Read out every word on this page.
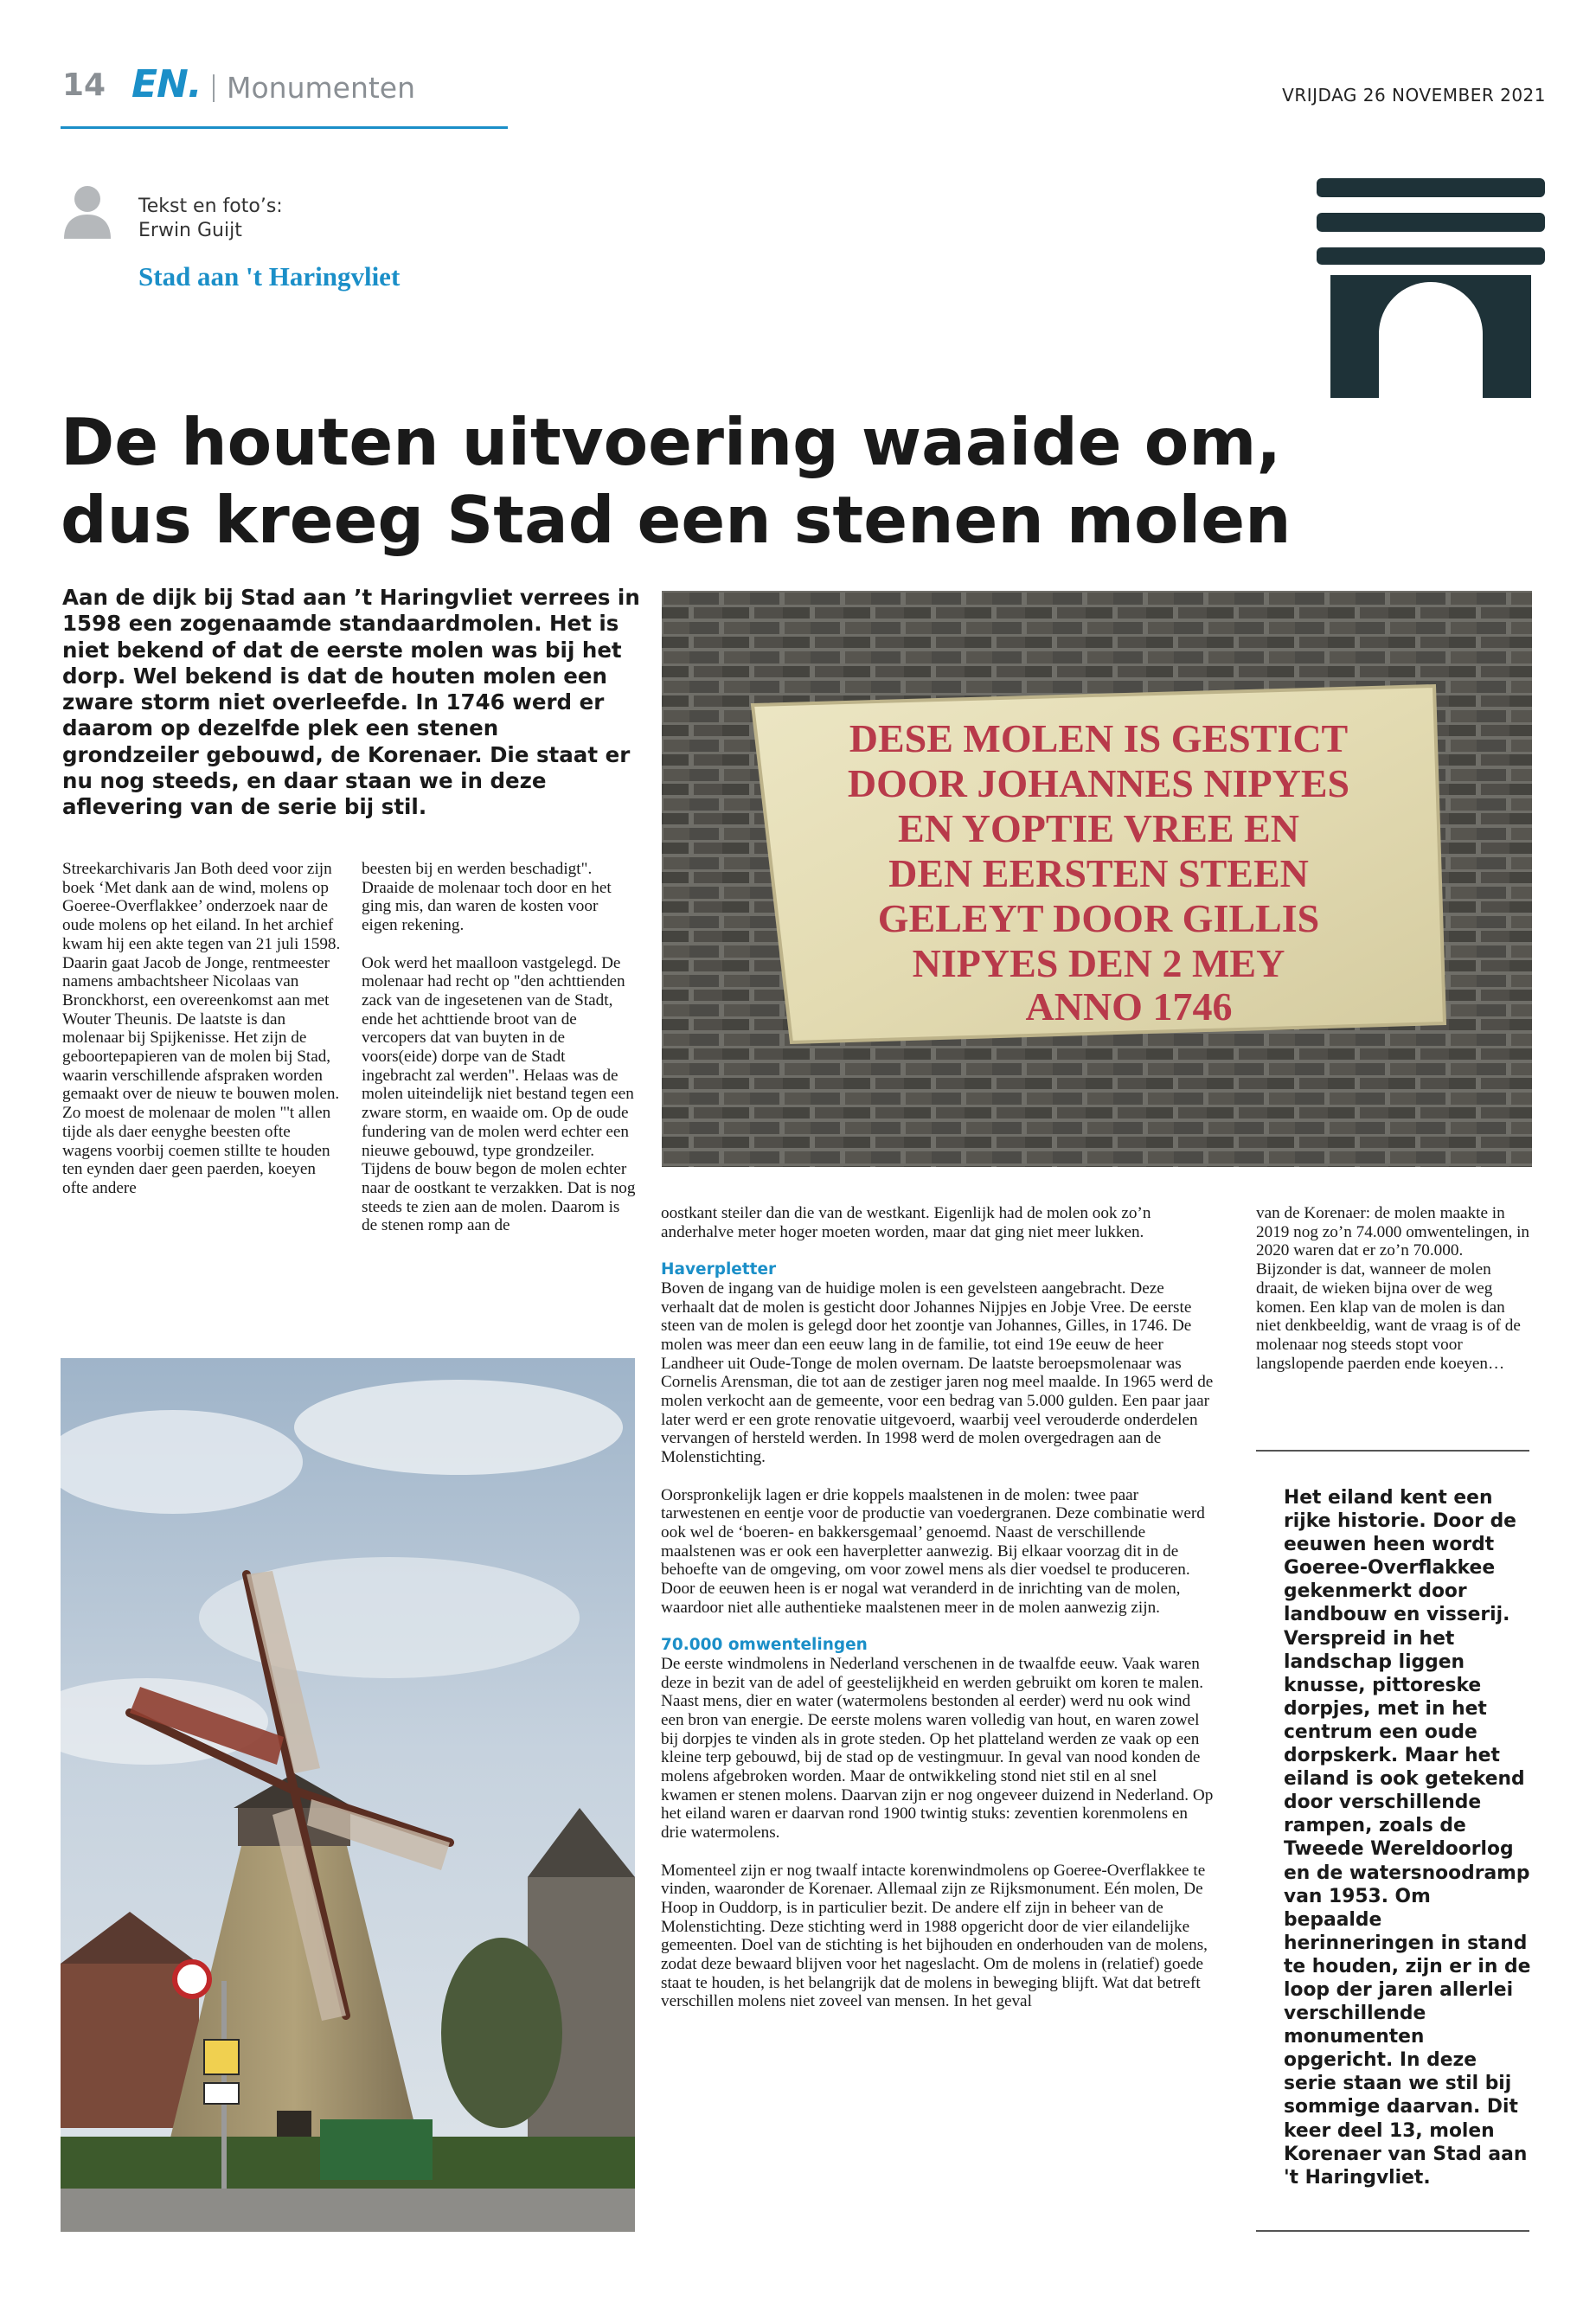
14 EN. Monumenten	VRIJDAG 26 NOVEMBER 2021
Tekst en foto’s:
Erwin Guijt
Stad aan 't Haringvliet
De houten uitvoering waaide om,
dus kreeg Stad een stenen molen
Aan de dijk bij Stad aan ’t Haringvliet verrees in 1598 een zogenaamde standaardmolen. Het is niet bekend of dat de eerste molen was bij het dorp. Wel bekend is dat de houten molen een zware storm niet overleefde. In 1746 werd er daarom op dezelfde plek een stenen grondzeiler gebouwd, de Korenaer. Die staat er nu nog steeds, en daar staan we in deze aflevering van de serie bij stil.
DESE MOLEN IS GESTICT
DOOR JOHANNES NIPYES
EN YOPTIE VREE EN
DEN EERSTEN STEEN
GELEYT DOOR GILLIS
NIPYES DEN 2 MEY
ANNO 1746

Streekarchivaris Jan Both deed voor zijn boek ‘Met dank aan de wind, molens op Goeree-Overflakkee’ onderzoek naar de oude molens op het eiland. In het archief kwam hij een akte tegen van 21 juli 1598. Daarin gaat Jacob de Jonge, rentmeester namens ambachtsheer Nicolaas van Bronckhorst, een overeenkomst aan met Wouter Theunis. De laatste is dan molenaar bij Spijkenisse. Het zijn de geboortepapieren van de molen bij Stad, waarin verschillende afspraken worden gemaakt over de nieuw te bouwen molen. Zo moest de molenaar de molen "'t allen tijde als daer eenyghe beesten ofte wagens voorbij coemen stillte te houden ten eynden daer geen paerden, koeyen ofte andere

beesten bij en werden beschadigt". Draaide de molenaar toch door en het ging mis, dan waren de kosten voor eigen rekening.

Ook werd het maalloon vastgelegd. De molenaar had recht op "den achttienden zack van de ingesetenen van de Stadt, ende het achttiende broot van de vercopers dat van buyten in de voors(eide) dorpe van de Stadt ingebracht zal werden". Helaas was de molen uiteindelijk niet bestand tegen een zware storm, en waaide om. Op de oude fundering van de molen werd echter een nieuwe gebouwd, type grondzeiler. Tijdens de bouw begon de molen echter naar de oostkant te verzakken. Dat is nog steeds te zien aan de molen. Daarom is de stenen romp aan de

oostkant steiler dan die van de westkant. Eigenlijk had de molen ook zo’n anderhalve meter hoger moeten worden, maar dat ging niet meer lukken.

Haverpletter

Boven de ingang van de huidige molen is een gevelsteen aangebracht. Deze verhaalt dat de molen is gesticht door Johannes Nijpjes en Jobje Vree. De eerste steen van de molen is gelegd door het zoontje van Johannes, Gilles, in 1746. De molen was meer dan een eeuw lang in de familie, tot eind 19e eeuw de heer Landheer uit Oude-Tonge de molen overnam. De laatste beroepsmolenaar was Cornelis Arensman, die tot aan de zestiger jaren nog meel maalde. In 1965 werd de molen verkocht aan de gemeente, voor een bedrag van 5.000 gulden. Een paar jaar later werd er een grote renovatie uitgevoerd, waarbij veel verouderde onderdelen vervangen of hersteld werden. In 1998 werd de molen overgedragen aan de Molenstichting.

Oorspronkelijk lagen er drie koppels maalstenen in de molen: twee paar tarwestenen en eentje voor de productie van voedergranen. Deze combinatie werd ook wel de ‘boeren- en bakkersgemaal’ genoemd. Naast de verschillende maalstenen was er ook een haverpletter aanwezig. Bij elkaar voorzag dit in de behoefte van de omgeving, om voor zowel mens als dier voedsel te produceren. Door de eeuwen heen is er nogal wat veranderd in de inrichting van de molen, waardoor niet alle authentieke maalstenen meer in de molen aanwezig zijn.

70.000 omwentelingen

De eerste windmolens in Nederland verschenen in de twaalfde eeuw. Vaak waren deze in bezit van de adel of geestelijkheid en werden gebruikt om koren te malen. Naast mens, dier en water (watermolens bestonden al eerder) werd nu ook wind een bron van energie. De eerste molens waren volledig van hout, en waren zowel bij dorpjes te vinden als in grote steden. Op het platteland werden ze vaak op een kleine terp gebouwd, bij de stad op de vestingmuur. In geval van nood konden de molens afgebroken worden. Maar de ontwikkeling stond niet stil en al snel kwamen er stenen molens. Daarvan zijn er nog ongeveer duizend in Nederland. Op het eiland waren er daarvan rond 1900 twintig stuks: zeventien korenmolens en drie watermolens.

Momenteel zijn er nog twaalf intacte korenwindmolens op Goeree-Overflakkee te vinden, waaronder de Korenaer. Allemaal zijn ze Rijksmonument. Eén molen, De Hoop in Ouddorp, is in particulier bezit. De andere elf zijn in beheer van de Molenstichting. Deze stichting werd in 1988 opgericht door de vier eilandelijke gemeenten. Doel van de stichting is het bijhouden en onderhouden van de molens, zodat deze bewaard blijven voor het nageslacht. Om de molens in (relatief) goede staat te houden, is het belangrijk dat de molens in beweging blijft. Wat dat betreft verschillen molens niet zoveel van mensen. In het geval

van de Korenaer: de molen maakte in 2019 nog zo’n 74.000 omwentelingen, in 2020 waren dat er zo’n 70.000. Bijzonder is dat, wanneer de molen draait, de wieken bijna over de weg komen. Een klap van de molen is dan niet denkbeeldig, want de vraag is of de molenaar nog steeds stopt voor langslopende paerden ende koeyen…

Het eiland kent een rijke historie. Door de eeuwen heen wordt Goeree-Overflakkee gekenmerkt door landbouw en visserij. Verspreid in het landschap liggen knusse, pittoreske dorpjes, met in het centrum een oude dorpskerk. Maar het eiland is ook getekend door verschillende rampen, zoals de Tweede Wereldoorlog en de watersnoodramp van 1953. Om bepaalde herinneringen in stand te houden, zijn er in de loop der jaren allerlei verschillende monumenten opgericht. In deze serie staan we stil bij sommige daarvan. Dit keer deel 13, molen Korenaer van Stad aan 't Haringvliet.
